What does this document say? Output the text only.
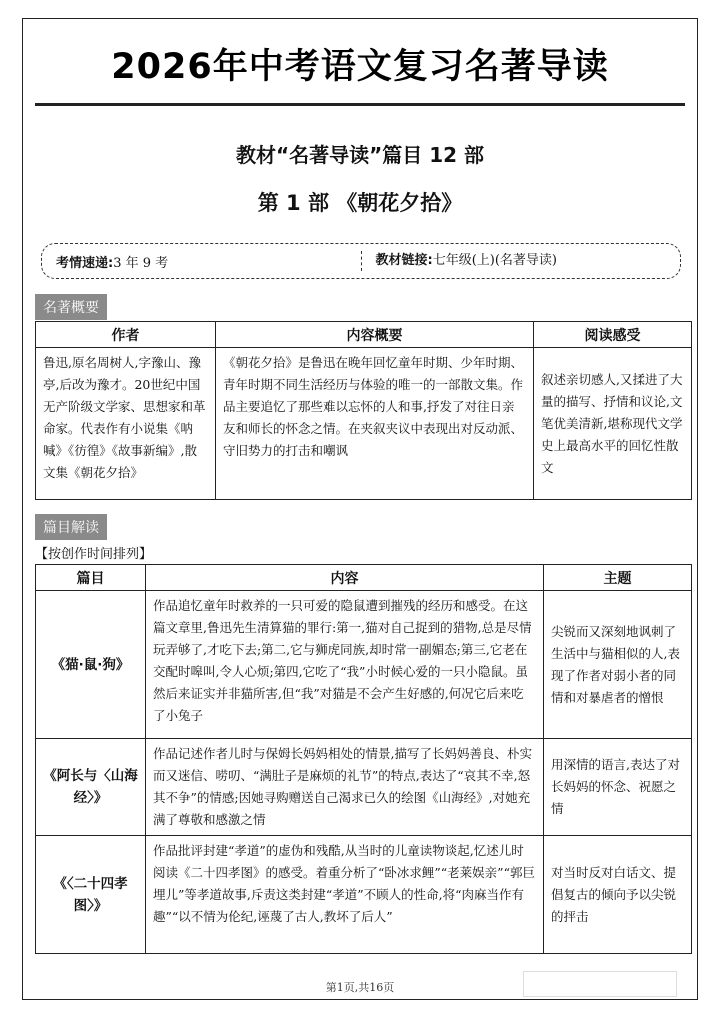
2026年中考语文复习名著导读
教材“名著导读”篇目 12 部
第 1 部 《朝花夕拾》
考情速递:3 年 9 考	教材链接:七年级(上)(名著导读)
名著概要
作者	内容概要	阅读感受
鲁迅,原名周树人,字豫山、豫亭,后改为豫才。20世纪中国无产阶级文学家、思想家和革命家。代表作有小说集《呐喊》《彷徨》《故事新编》,散文集《朝花夕拾》	《朝花夕拾》是鲁迅在晚年回忆童年时期、少年时期、青年时期不同生活经历与体验的唯一的一部散文集。作品主要追忆了那些难以忘怀的人和事,抒发了对往日亲友和师长的怀念之情。在夹叙夹议中表现出对反动派、守旧势力的打击和嘲讽	叙述亲切感人,又揉进了大量的描写、抒情和议论,文笔优美清新,堪称现代文学史上最高水平的回忆性散文
篇目解读
【按创作时间排列】
篇目	内容	主题
《猫·鼠·狗》	作品追忆童年时救养的一只可爱的隐鼠遭到摧残的经历和感受。在这篇文章里,鲁迅先生清算猫的罪行:第一,猫对自己捉到的猎物,总是尽情玩弄够了,才吃下去;第二,它与狮虎同族,却时常一副媚态;第三,它老在交配时嗥叫,令人心烦;第四,它吃了“我”小时候心爱的一只小隐鼠。虽然后来证实并非猫所害,但“我”对猫是不会产生好感的,何况它后来吃了小兔子	尖锐而又深刻地讽刺了生活中与猫相似的人,表现了作者对弱小者的同情和对暴虐者的憎恨
《阿长与〈山海经〉》	作品记述作者儿时与保姆长妈妈相处的情景,描写了长妈妈善良、朴实而又迷信、唠叨、“满肚子是麻烦的礼节”的特点,表达了“哀其不幸,怒其不争”的情感;因她寻购赠送自己渴求已久的绘图《山海经》,对她充满了尊敬和感激之情	用深情的语言,表达了对长妈妈的怀念、祝愿之情
《〈二十四孝图〉》	作品批评封建“孝道”的虚伪和残酷,从当时的儿童读物谈起,忆述儿时阅读《二十四孝图》的感受。着重分析了“卧冰求鲤”“老莱娱亲”“郭巨埋儿”等孝道故事,斥责这类封建“孝道”不顾人的性命,将“肉麻当作有趣”“以不情为伦纪,诬蔑了古人,教坏了后人”	对当时反对白话文、提倡复古的倾向予以尖锐的抨击
第1页,共16页
